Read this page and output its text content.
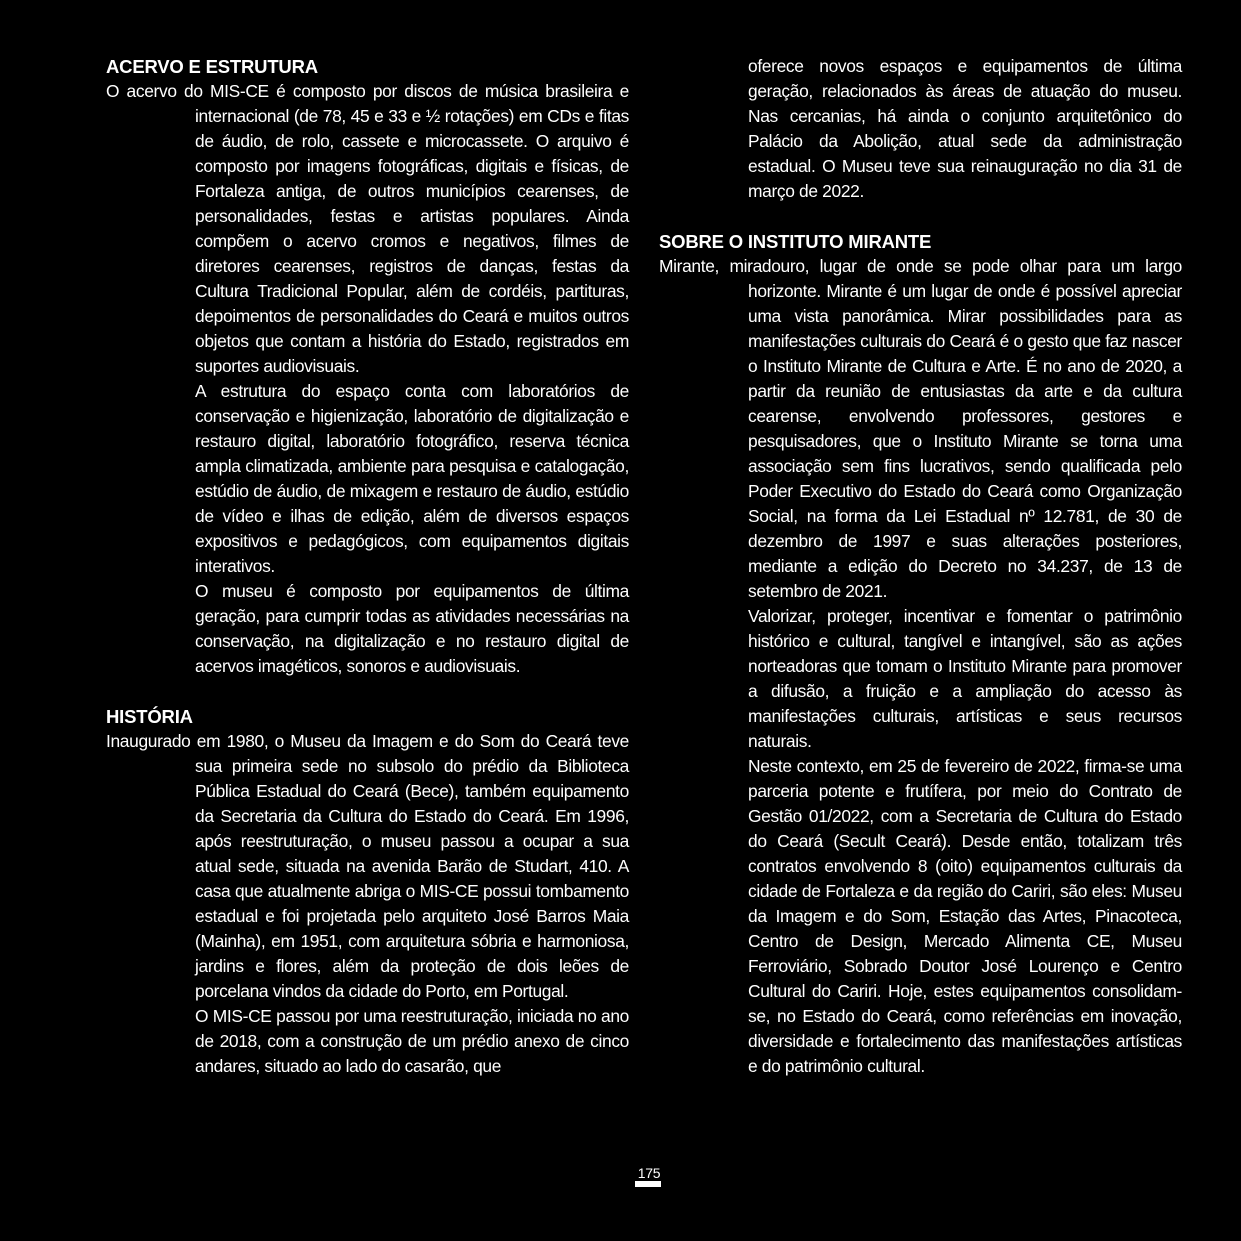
ACERVO E ESTRUTURA

O acervo do MIS-CE é composto por discos de música brasileira e internacional (de 78, 45 e 33 e ½ rotações) em CDs e fitas de áudio, de rolo, cassete e microcassete. O arquivo é composto por imagens fotográficas, digitais e físicas, de Fortaleza antiga, de outros municípios cearenses, de personalidades, festas e artistas populares. Ainda compõem o acervo cromos e negativos, filmes de diretores cearenses, registros de danças, festas da Cultura Tradicional Popular, além de cordéis, partituras, depoimentos de personalidades do Ceará e muitos outros objetos que contam a história do Estado, registrados em suportes audiovisuais.

A estrutura do espaço conta com laboratórios de conservação e higienização, laboratório de digitalização e restauro digital, laboratório fotográfico, reserva técnica ampla climatizada, ambiente para pesquisa e catalogação, estúdio de áudio, de mixagem e restauro de áudio, estúdio de vídeo e ilhas de edição, além de diversos espaços expositivos e pedagógicos, com equipamentos digitais interativos.

O museu é composto por equipamentos de última geração, para cumprir todas as atividades necessárias na conservação, na digitalização e no restauro digital de acervos imagéticos, sonoros e audiovisuais.

HISTÓRIA

Inaugurado em 1980, o Museu da Imagem e do Som do Ceará teve sua primeira sede no subsolo do prédio da Biblioteca Pública Estadual do Ceará (Bece), também equipamento da Secretaria da Cultura do Estado do Ceará. Em 1996, após reestruturação, o museu passou a ocupar a sua atual sede, situada na avenida Barão de Studart, 410. A casa que atualmente abriga o MIS-CE possui tombamento estadual e foi projetada pelo arquiteto José Barros Maia (Mainha), em 1951, com arquitetura sóbria e harmoniosa, jardins e flores, além da proteção de dois leões de porcelana vindos da cidade do Porto, em Portugal.

O MIS-CE passou por uma reestruturação, iniciada no ano de 2018, com a construção de um prédio anexo de cinco andares, situado ao lado do casarão, que

oferece novos espaços e equipamentos de última geração, relacionados às áreas de atuação do museu. Nas cercanias, há ainda o conjunto arquitetônico do Palácio da Abolição, atual sede da administração estadual. O Museu teve sua reinauguração no dia 31 de março de 2022.

SOBRE O INSTITUTO MIRANTE

Mirante, miradouro, lugar de onde se pode olhar para um largo horizonte. Mirante é um lugar de onde é possível apreciar uma vista panorâmica. Mirar possibilidades para as manifestações culturais do Ceará é o gesto que faz nascer o Instituto Mirante de Cultura e Arte. É no ano de 2020, a partir da reunião de entusiastas da arte e da cultura cearense, envolvendo professores, gestores e pesquisadores, que o Instituto Mirante se torna uma associação sem fins lucrativos, sendo qualificada pelo Poder Executivo do Estado do Ceará como Organização Social, na forma da Lei Estadual nº 12.781, de 30 de dezembro de 1997 e suas alterações posteriores, mediante a edição do Decreto no 34.237, de 13 de setembro de 2021.

Valorizar, proteger, incentivar e fomentar o patrimônio histórico e cultural, tangível e intangível, são as ações norteadoras que tomam o Instituto Mirante para promover a difusão, a fruição e a ampliação do acesso às manifestações culturais, artísticas e seus recursos naturais.

Neste contexto, em 25 de fevereiro de 2022, firma-se uma parceria potente e frutífera, por meio do Contrato de Gestão 01/2022, com a Secretaria de Cultura do Estado do Ceará (Secult Ceará). Desde então, totalizam três contratos envolvendo 8 (oito) equipamentos culturais da cidade de Fortaleza e da região do Cariri, são eles: Museu da Imagem e do Som, Estação das Artes, Pinacoteca, Centro de Design, Mercado Alimenta CE, Museu Ferroviário, Sobrado Doutor José Lourenço e Centro Cultural do Cariri. Hoje, estes equipamentos consolidam-se, no Estado do Ceará, como referências em inovação, diversidade e fortalecimento das manifestações artísticas e do patrimônio cultural.

175
